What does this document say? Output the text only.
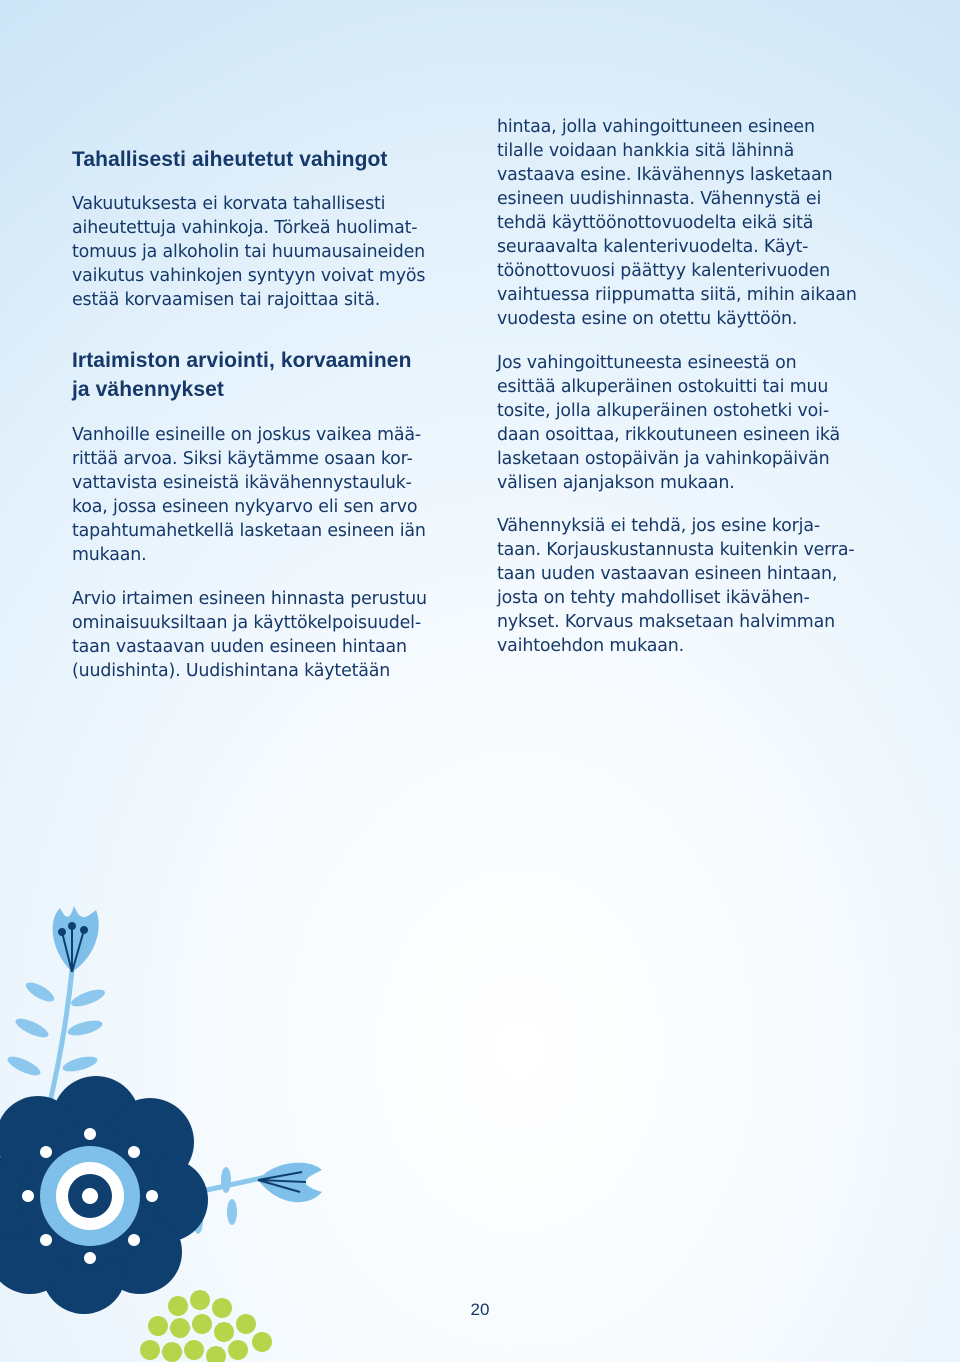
Tahallisesti aiheutetut vahingot

Vakuutuksesta ei korvata tahallisesti
aiheutettuja vahinkoja. Törkeä huolimat-
tomuus ja alkoholin tai huumausaineiden
vaikutus vahinkojen syntyyn voivat myös
estää korvaamisen tai rajoittaa sitä.

Irtaimiston arviointi, korvaaminen
ja vähennykset

Vanhoille esineille on joskus vaikea mää-
rittää arvoa. Siksi käytämme osaan kor-
vattavista esineistä ikävähennystauluk-
koa, jossa esineen nykyarvo eli sen arvo
tapahtumahetkellä lasketaan esineen iän
mukaan.

Arvio irtaimen esineen hinnasta perustuu
ominaisuuksiltaan ja käyttökelpoisuudel-
taan vastaavan uuden esineen hintaan
(uudishinta). Uudishintana käytetään

hintaa, jolla vahingoittuneen esineen
tilalle voidaan hankkia sitä lähinnä
vastaava esine. Ikävähennys lasketaan
esineen uudishinnasta. Vähennystä ei
tehdä käyttöönottovuodelta eikä sitä
seuraavalta kalenterivuodelta. Käyt-
töönottovuosi päättyy kalenterivuoden
vaihtuessa riippumatta siitä, mihin aikaan
vuodesta esine on otettu käyttöön.

Jos vahingoittuneesta esineestä on
esittää alkuperäinen ostokuitti tai muu
tosite, jolla alkuperäinen ostohetki voi-
daan osoittaa, rikkoutuneen esineen ikä
lasketaan ostopäivän ja vahinkopäivän
välisen ajanjakson mukaan.

Vähennyksiä ei tehdä, jos esine korja-
taan. Korjauskustannusta kuitenkin verra-
taan uuden vastaavan esineen hintaan,
josta on tehty mahdolliset ikävähen-
nykset. Korvaus maksetaan halvimman
vaihtoehdon mukaan.

20
